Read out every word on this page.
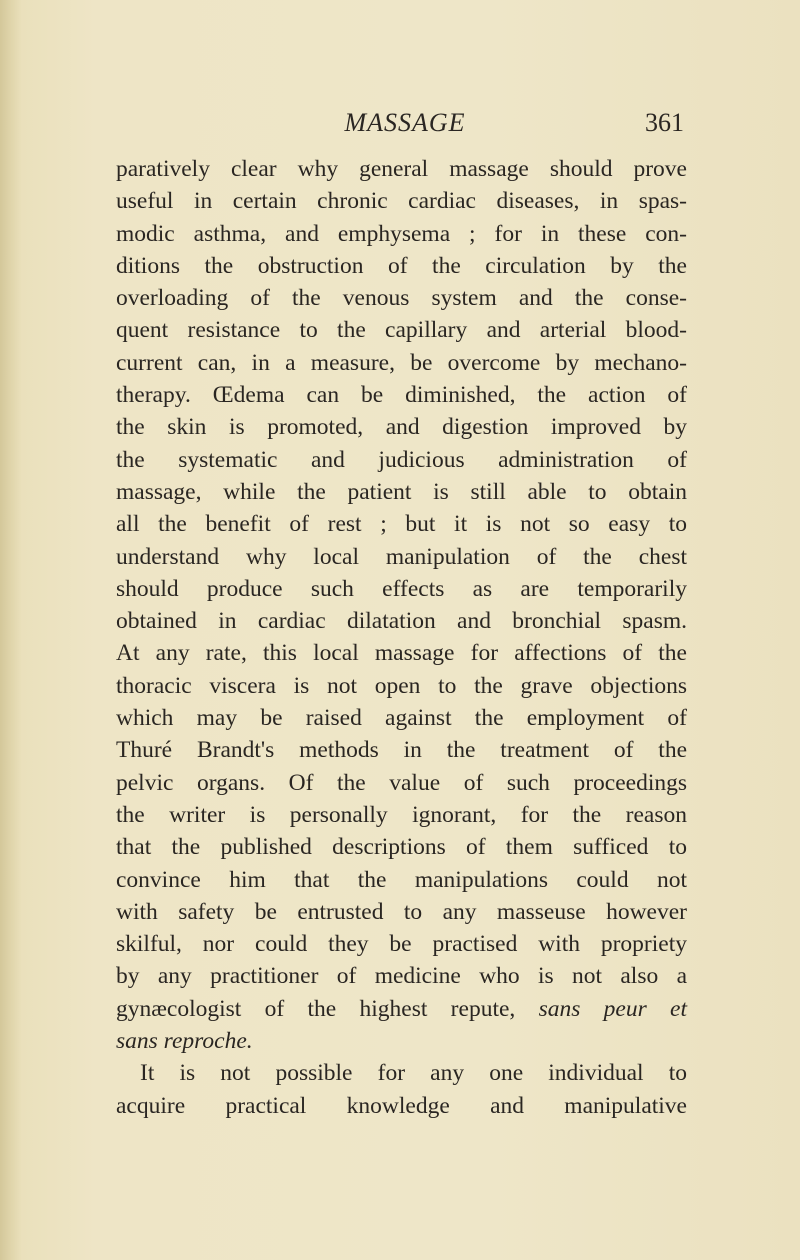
MASSAGE	361
paratively clear why general massage should prove
useful in certain chronic cardiac diseases, in spas-
modic asthma, and emphysema ; for in these con-
ditions the obstruction of the circulation by the
overloading of the venous system and the conse-
quent resistance to the capillary and arterial blood-
current can, in a measure, be overcome by mechano-
therapy. Œdema can be diminished, the action of
the skin is promoted, and digestion improved by
the systematic and judicious administration of
massage, while the patient is still able to obtain
all the benefit of rest ; but it is not so easy to
understand why local manipulation of the chest
should produce such effects as are temporarily
obtained in cardiac dilatation and bronchial spasm.
At any rate, this local massage for affections of the
thoracic viscera is not open to the grave objections
which may be raised against the employment of
Thuré Brandt's methods in the treatment of the
pelvic organs. Of the value of such proceedings
the writer is personally ignorant, for the reason
that the published descriptions of them sufficed to
convince him that the manipulations could not
with safety be entrusted to any masseuse however
skilful, nor could they be practised with propriety
by any practitioner of medicine who is not also a
gynæcologist of the highest repute, sans peur et
sans reproche.
It is not possible for any one individual to
acquire practical knowledge and manipulative
